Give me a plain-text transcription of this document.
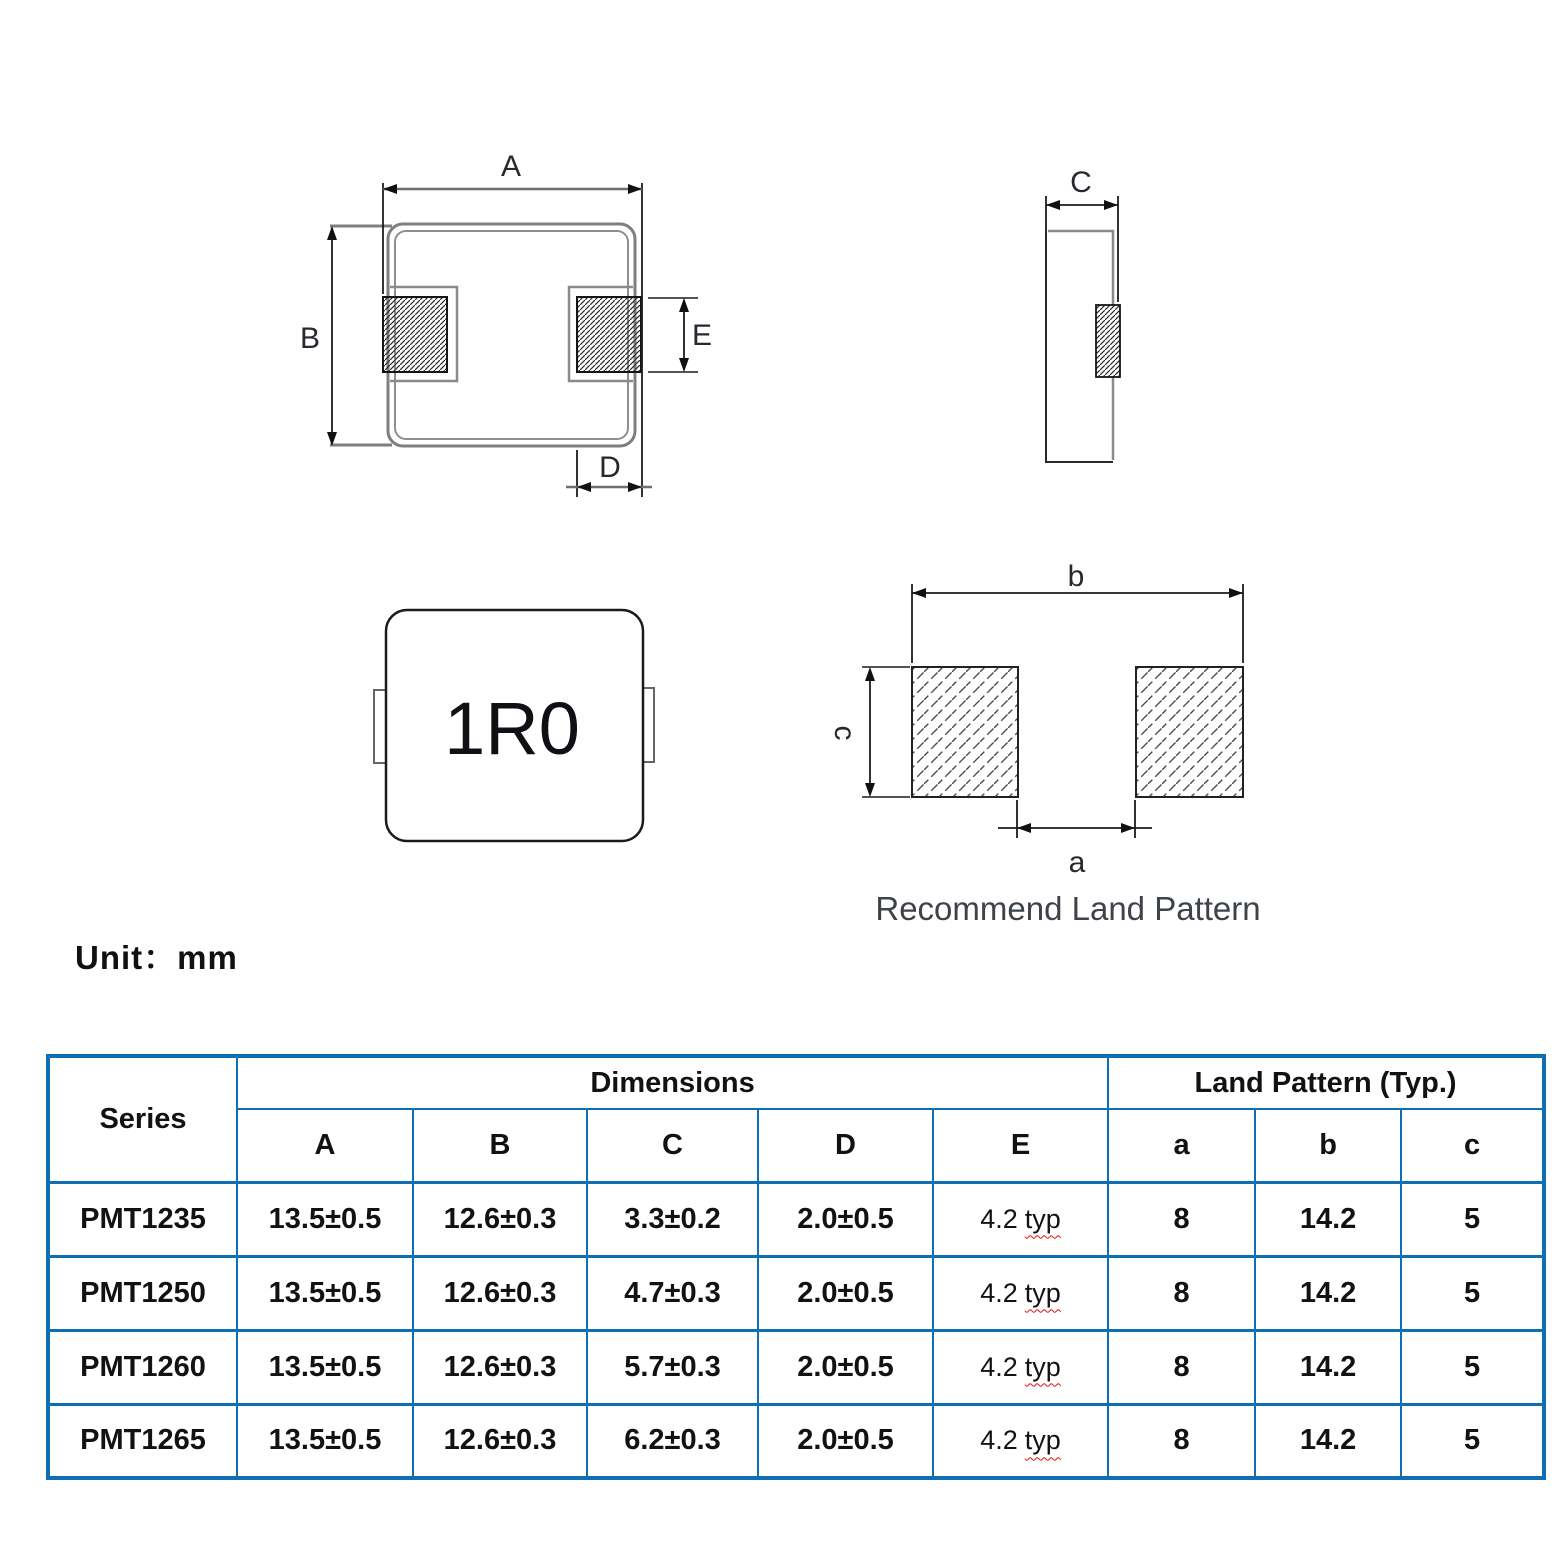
A
B	E
D
C
1R0
b
c
a
Recommend Land Pattern
Unit：mm
Series	Dimensions					Land Pattern (Typ.)		
	A	B	C	D	E	a	b	c
PMT1235	13.5±0.5	12.6±0.3	3.3±0.2	2.0±0.5	4.2 typ	8	14.2	5
PMT1250	13.5±0.5	12.6±0.3	4.7±0.3	2.0±0.5	4.2 typ	8	14.2	5
PMT1260	13.5±0.5	12.6±0.3	5.7±0.3	2.0±0.5	4.2 typ	8	14.2	5
PMT1265	13.5±0.5	12.6±0.3	6.2±0.3	2.0±0.5	4.2 typ	8	14.2	5
